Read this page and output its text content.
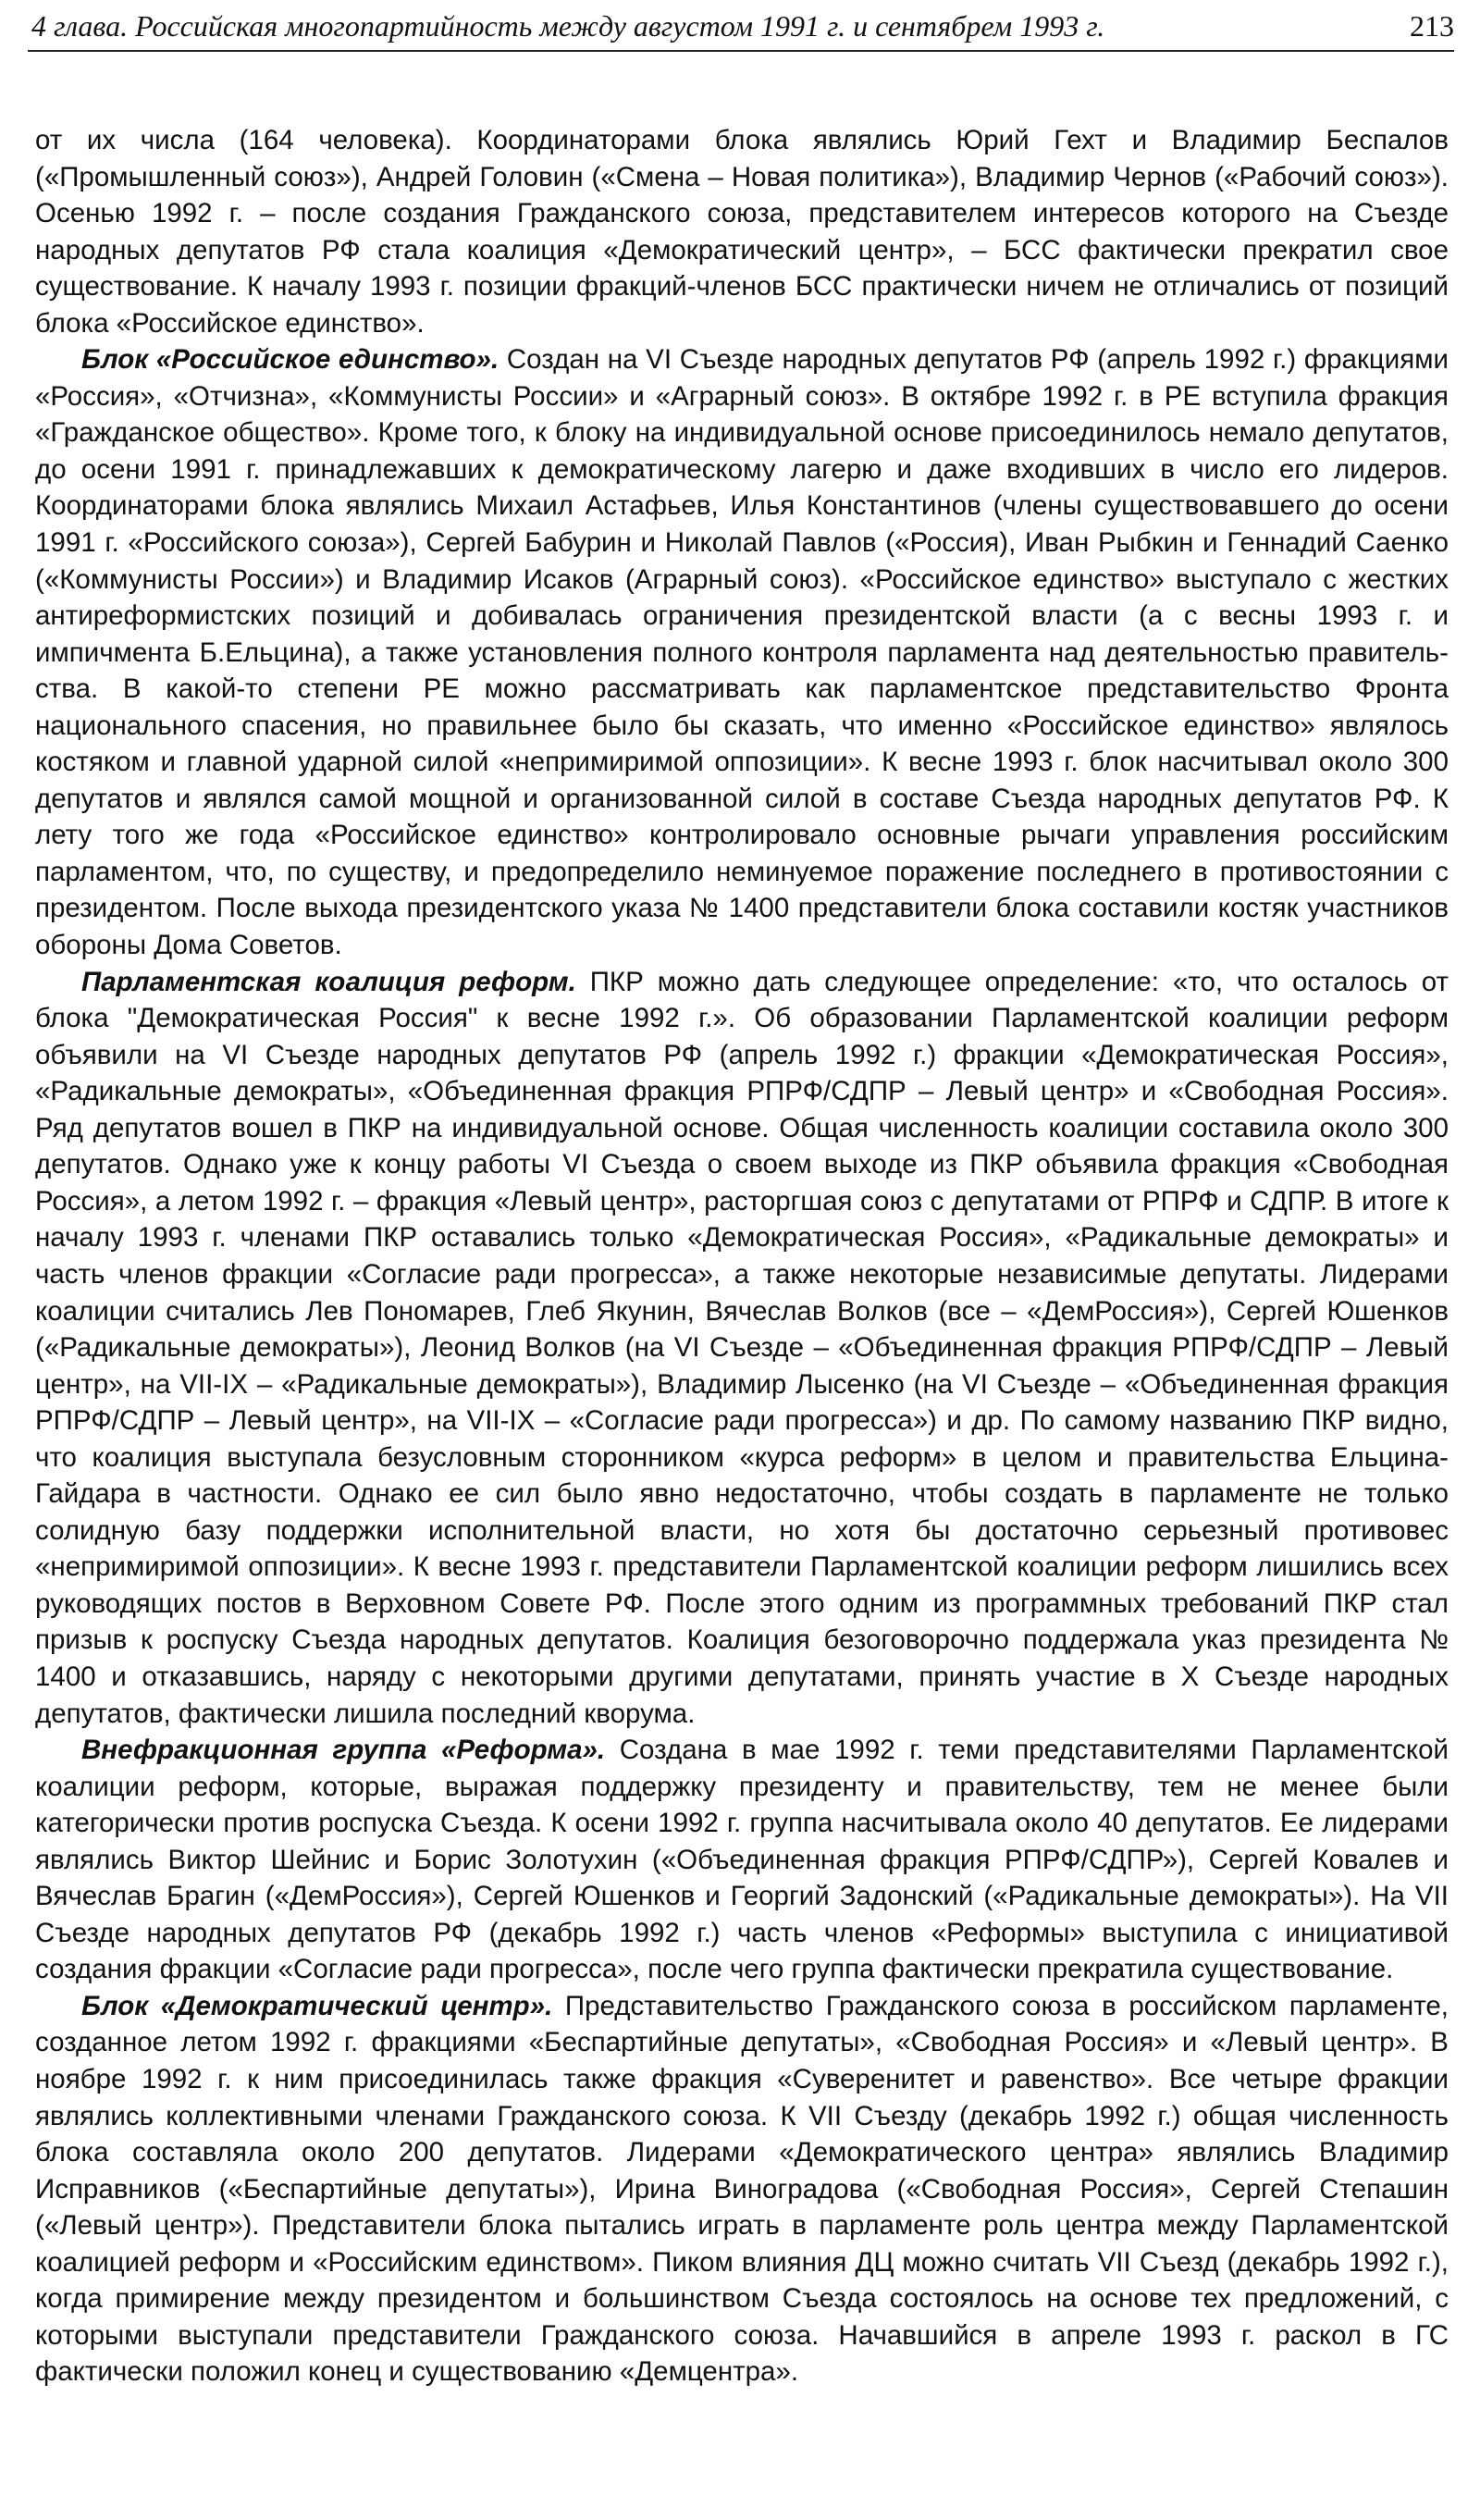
4 глава. Российская многопартийность между августом 1991 г. и сентябрем 1993 г.	213

от их числа (164 человека). Координаторами блока являлись Юрий Гехт и Владимир Беспалов («Промышленный союз»), Андрей Головин («Смена – Новая политика»), Владимир Чернов («Рабочий союз»). Осенью 1992 г. – после создания Гражданского союза, представителем интересов которого на Съезде народных депутатов РФ стала коалиция «Демократический центр», – БСС фактически прекратил свое существование. К началу 1993 г. позиции фракций-членов БСС практически ничем не отличались от позиций блока «Российское единство».

Блок «Российское единство». Создан на VI Съезде народных депутатов РФ (апрель 1992 г.) фракциями «Россия», «Отчизна», «Коммунисты России» и «Аграрный союз». В октябре 1992 г. в РЕ вступила фракция «Гражданское общество». Кроме того, к блоку на индивидуальной основе присоединилось немало депутатов, до осени 1991 г. принадлежавших к демократическому лагерю и даже входивших в число его лидеров. Координаторами блока являлись Михаил Астафьев, Илья Константинов (члены существовавшего до осени 1991 г. «Российского союза»), Сергей Бабурин и Николай Павлов («Россия), Иван Рыбкин и Геннадий Саенко («Коммунисты России») и Владимир Исаков (Аграрный союз). «Российское единство» выступало с жестких антиреформистских позиций и добивалась ограничения президентской власти (а с весны 1993 г. и импичмента Б.Ельцина), а также установления полного контроля парламента над деятельностью правительства. В какой-то степени РЕ можно рассматривать как парламентское представительство Фронта национального спасения, но правильнее было бы сказать, что именно «Российское единство» являлось костяком и главной ударной силой «непримиримой оппозиции». К весне 1993 г. блок насчитывал около 300 депутатов и являлся самой мощной и организованной силой в составе Съезда народных депутатов РФ. К лету того же года «Российское единство» контролировало основные рычаги управления российским парламентом, что, по существу, и предопределило неминуемое поражение последнего в противостоянии с президентом. После выхода президентского указа № 1400 представители блока составили костяк участников обороны Дома Советов.

Парламентская коалиция реформ. ПКР можно дать следующее определение: «то, что осталось от блока "Демократическая Россия" к весне 1992 г.». Об образовании Парламентской коалиции реформ объявили на VI Съезде народных депутатов РФ (апрель 1992 г.) фракции «Демократическая Россия», «Радикальные демократы», «Объединенная фракция РПРФ/СДПР – Левый центр» и «Свободная Россия». Ряд депутатов вошел в ПКР на индивидуальной основе. Общая численность коалиции составила около 300 депутатов. Однако уже к концу работы VI Съезда о своем выходе из ПКР объявила фракция «Свободная Россия», а летом 1992 г. – фракция «Левый центр», расторгшая союз с депутатами от РПРФ и СДПР. В итоге к началу 1993 г. членами ПКР оставались только «Демократическая Россия», «Радикальные демократы» и часть членов фракции «Согласие ради прогресса», а также некоторые независимые депутаты. Лидерами коалиции считались Лев Пономарев, Глеб Якунин, Вячеслав Волков (все – «ДемРоссия»), Сергей Юшенков («Радикальные демократы»), Леонид Волков (на VI Съезде – «Объединенная фракция РПРФ/СДПР – Левый центр», на VII-IX – «Радикальные демократы»), Владимир Лысенко (на VI Съезде – «Объединенная фракция РПРФ/СДПР – Левый центр», на VII-IX – «Согласие ради прогресса») и др. По самому названию ПКР видно, что коалиция выступала безусловным сторонником «курса реформ» в целом и правительства Ельцина-Гайдара в частности. Однако ее сил было явно недостаточно, чтобы создать в парламенте не только солидную базу поддержки исполнительной власти, но хотя бы достаточно серьезный противовес «непримиримой оппозиции». К весне 1993 г. представители Парламентской коалиции реформ лишились всех руководящих постов в Верховном Совете РФ. После этого одним из программных требований ПКР стал призыв к роспуску Съезда народных депутатов. Коалиция безоговорочно поддержала указ президента № 1400 и отказавшись, наряду с некоторыми другими депутатами, принять участие в X Съезде народных депутатов, фактически лишила последний кворума.

Внефракционная группа «Реформа». Создана в мае 1992 г. теми представителями Парламентской коалиции реформ, которые, выражая поддержку президенту и правительству, тем не менее были категорически против роспуска Съезда. К осени 1992 г. группа насчитывала около 40 депутатов. Ее лидерами являлись Виктор Шейнис и Борис Золотухин («Объединенная фракция РПРФ/СДПР»), Сергей Ковалев и Вячеслав Брагин («ДемРоссия»), Сергей Юшенков и Георгий Задонский («Радикальные демократы»). На VII Съезде народных депутатов РФ (декабрь 1992 г.) часть членов «Реформы» выступила с инициативой создания фракции «Согласие ради прогресса», после чего группа фактически прекратила существование.

Блок «Демократический центр». Представительство Гражданского союза в российском парламенте, созданное летом 1992 г. фракциями «Беспартийные депутаты», «Свободная Россия» и «Левый центр». В ноябре 1992 г. к ним присоединилась также фракция «Суверенитет и равенство». Все четыре фракции являлись коллективными членами Гражданского союза. К VII Съезду (декабрь 1992 г.) общая численность блока составляла около 200 депутатов. Лидерами «Демократического центра» являлись Владимир Исправников («Беспартийные депутаты»), Ирина Виноградова («Свободная Россия», Сергей Степашин («Левый центр»). Представители блока пытались играть в парламенте роль центра между Парламентской коалицией реформ и «Российским единством». Пиком влияния ДЦ можно считать VII Съезд (декабрь 1992 г.), когда примирение между президентом и большинством Съезда состоялось на основе тех предложений, с которыми выступали представители Гражданского союза. Начавшийся в апреле 1993 г. раскол в ГС фактически положил конец и существованию «Демцентра».
